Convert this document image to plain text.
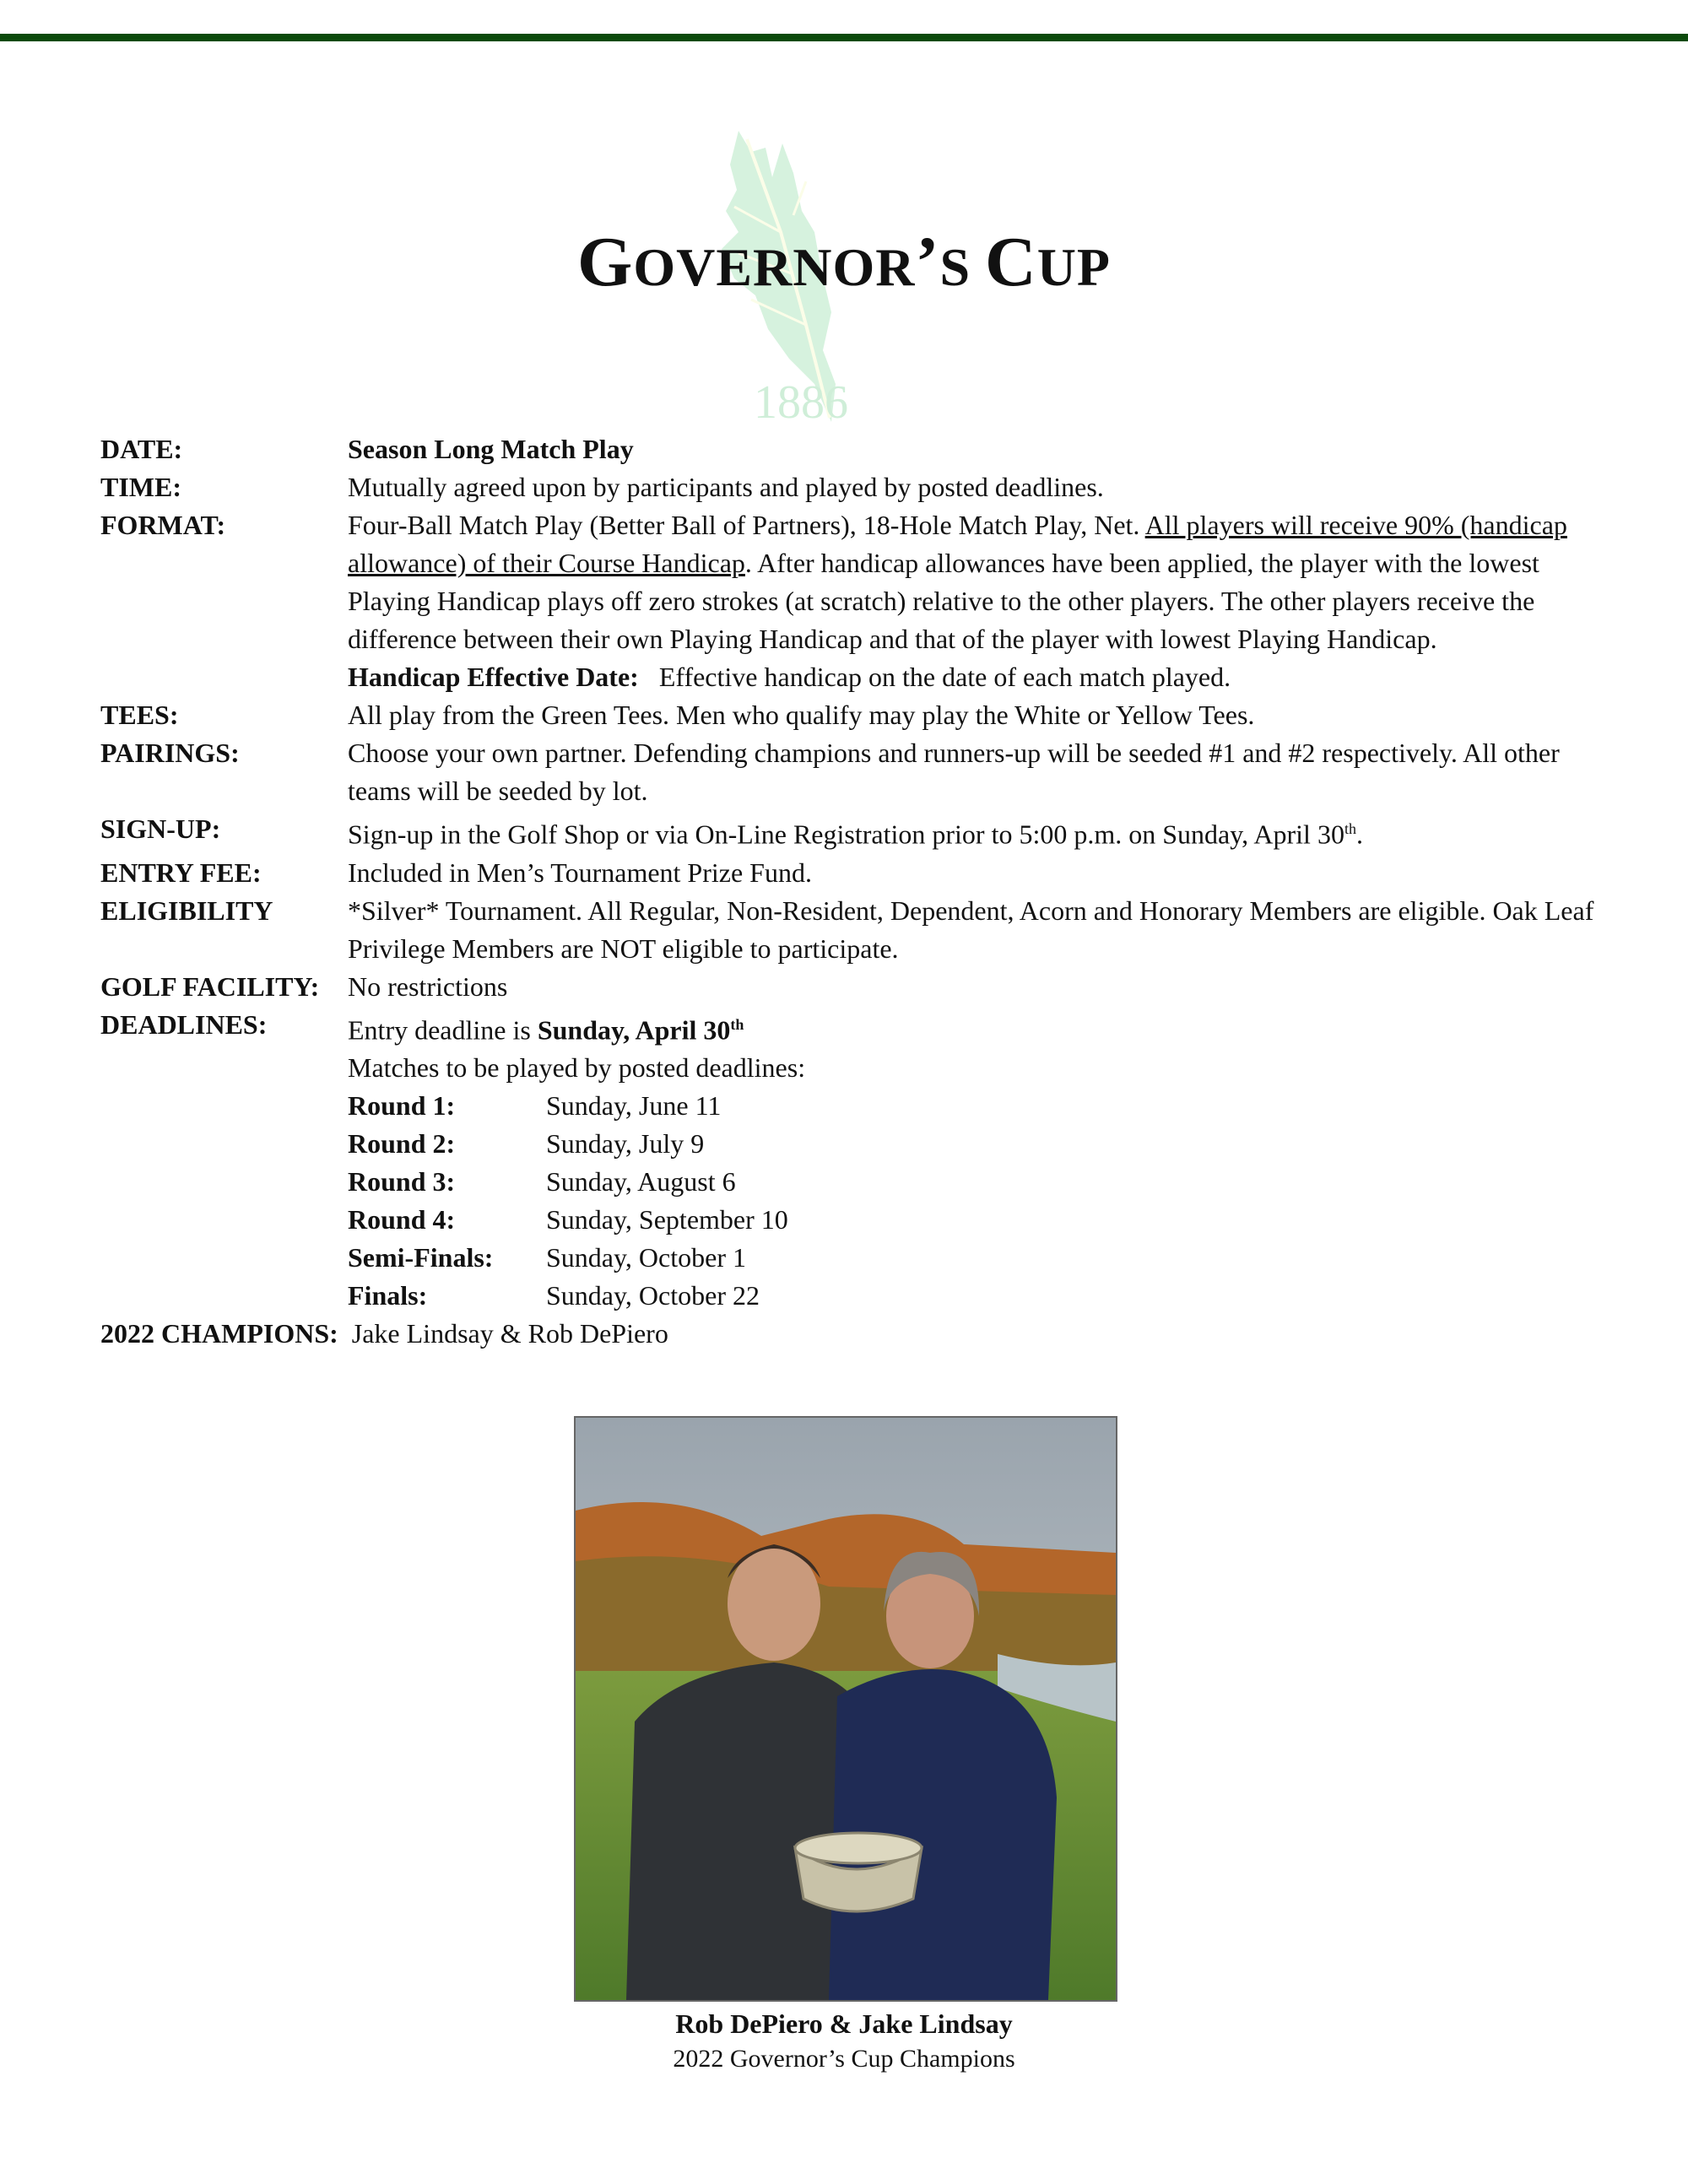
1886
GOVERNOR’S CUP
DATE:	Season Long Match Play
TIME:	Mutually agreed upon by participants and played by posted deadlines.
FORMAT:	Four-Ball Match Play (Better Ball of Partners), 18-Hole Match Play, Net. All players will receive 90% (handicap allowance) of their Course Handicap. After handicap allowances have been applied, the player with the lowest Playing Handicap plays off zero strokes (at scratch) relative to the other players. The other players receive the difference between their own Playing Handicap and that of the player with lowest Playing Handicap.
Handicap Effective Date: Effective handicap on the date of each match played.
TEES:	All play from the Green Tees. Men who qualify may play the White or Yellow Tees.
PAIRINGS:	Choose your own partner. Defending champions and runners-up will be seeded #1 and #2 respectively. All other teams will be seeded by lot.
SIGN-UP:	Sign-up in the Golf Shop or via On-Line Registration prior to 5:00 p.m. on Sunday, April 30th.
ENTRY FEE:	Included in Men’s Tournament Prize Fund.
ELIGIBILITY	*Silver* Tournament. All Regular, Non-Resident, Dependent, Acorn and Honorary Members are eligible. Oak Leaf Privilege Members are NOT eligible to participate.
GOLF FACILITY:	No restrictions
DEADLINES:	Entry deadline is Sunday, April 30th
Matches to be played by posted deadlines:
Round 1:	Sunday, June 11
Round 2:	Sunday, July 9
Round 3:	Sunday, August 6
Round 4:	Sunday, September 10
Semi-Finals:	Sunday, October 1
Finals:	Sunday, October 22
2022 CHAMPIONS: Jake Lindsay & Rob DePiero
Rob DePiero & Jake Lindsay
2022 Governor’s Cup Champions
